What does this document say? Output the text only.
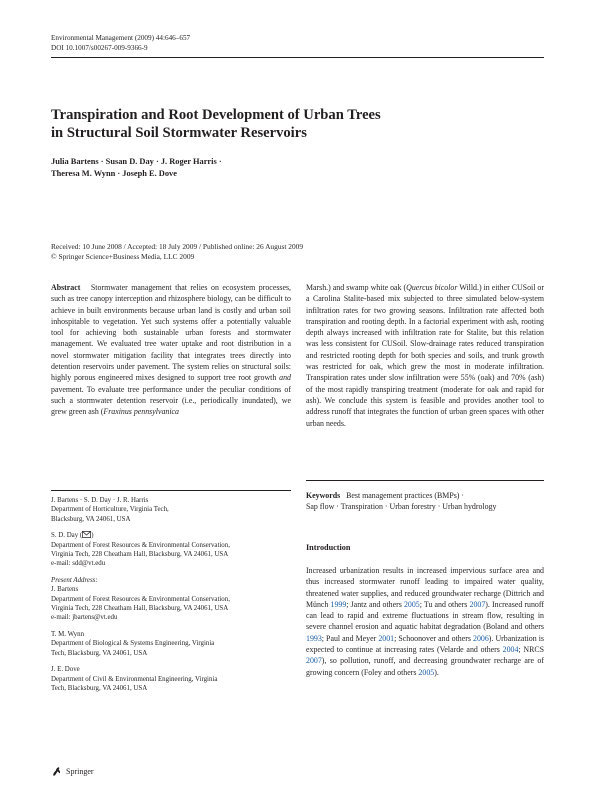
Environmental Management (2009) 44:646–657
DOI 10.1007/s00267-009-9366-9
Transpiration and Root Development of Urban Trees
in Structural Soil Stormwater Reservoirs
Julia Bartens · Susan D. Day · J. Roger Harris ·
Theresa M. Wynn · Joseph E. Dove
Received: 10 June 2008 / Accepted: 18 July 2009 / Published online: 26 August 2009
© Springer Science+Business Media, LLC 2009
Abstract Stormwater management that relies on ecosystem processes, such as tree canopy interception and rhizosphere biology, can be difficult to achieve in built environments because urban land is costly and urban soil inhospitable to vegetation. Yet such systems offer a potentially valuable tool for achieving both sustainable urban forests and stormwater management. We evaluated tree water uptake and root distribution in a novel stormwater mitigation facility that integrates trees directly into detention reservoirs under pavement. The system relies on structural soils: highly porous engineered mixes designed to support tree root growth and pavement. To evaluate tree performance under the peculiar conditions of such a stormwater detention reservoir (i.e., periodically inundated), we grew green ash (Fraxinus pennsylvanica
Marsh.) and swamp white oak (Quercus bicolor Willd.) in either CUSoil or a Carolina Stalite-based mix subjected to three simulated below-system infiltration rates for two growing seasons. Infiltration rate affected both transpiration and rooting depth. In a factorial experiment with ash, rooting depth always increased with infiltration rate for Stalite, but this relation was less consistent for CUSoil. Slow-drainage rates reduced transpiration and restricted rooting depth for both species and soils, and trunk growth was restricted for oak, which grew the most in moderate infiltration. Transpiration rates under slow infiltration were 55% (oak) and 70% (ash) of the most rapidly transpiring treatment (moderate for oak and rapid for ash). We conclude this system is feasible and provides another tool to address runoff that integrates the function of urban green spaces with other urban needs.
Keywords Best management practices (BMPs) ·
Sap flow · Transpiration · Urban forestry · Urban hydrology
J. Bartens · S. D. Day · J. R. Harris
Department of Horticulture, Virginia Tech,
Blacksburg, VA 24061, USA
S. D. Day ( )
Department of Forest Resources & Environmental Conservation,
Virginia Tech, 228 Cheatham Hall, Blacksburg, VA 24061, USA
e-mail: sdd@vt.edu
Present Address:
J. Bartens
Department of Forest Resources & Environmental Conservation,
Virginia Tech, 228 Cheatham Hall, Blacksburg, VA 24061, USA
e-mail: jbartens@vt.edu
T. M. Wynn
Department of Biological & Systems Engineering, Virginia
Tech, Blacksburg, VA 24061, USA
J. E. Dove
Department of Civil & Environmental Engineering, Virginia
Tech, Blacksburg, VA 24061, USA
Introduction
Increased urbanization results in increased impervious surface area and thus increased stormwater runoff leading to impaired water quality, threatened water supplies, and reduced groundwater recharge (Dittrich and Münch 1999; Jantz and others 2005; Tu and others 2007). Increased runoff can lead to rapid and extreme fluctuations in stream flow, resulting in severe channel erosion and aquatic habitat degradation (Boland and others 1993; Paul and Meyer 2001; Schoonover and others 2006). Urbanization is expected to continue at increasing rates (Velarde and others 2004; NRCS 2007), so pollution, runoff, and decreasing groundwater recharge are of growing concern (Foley and others 2005).
Springer
